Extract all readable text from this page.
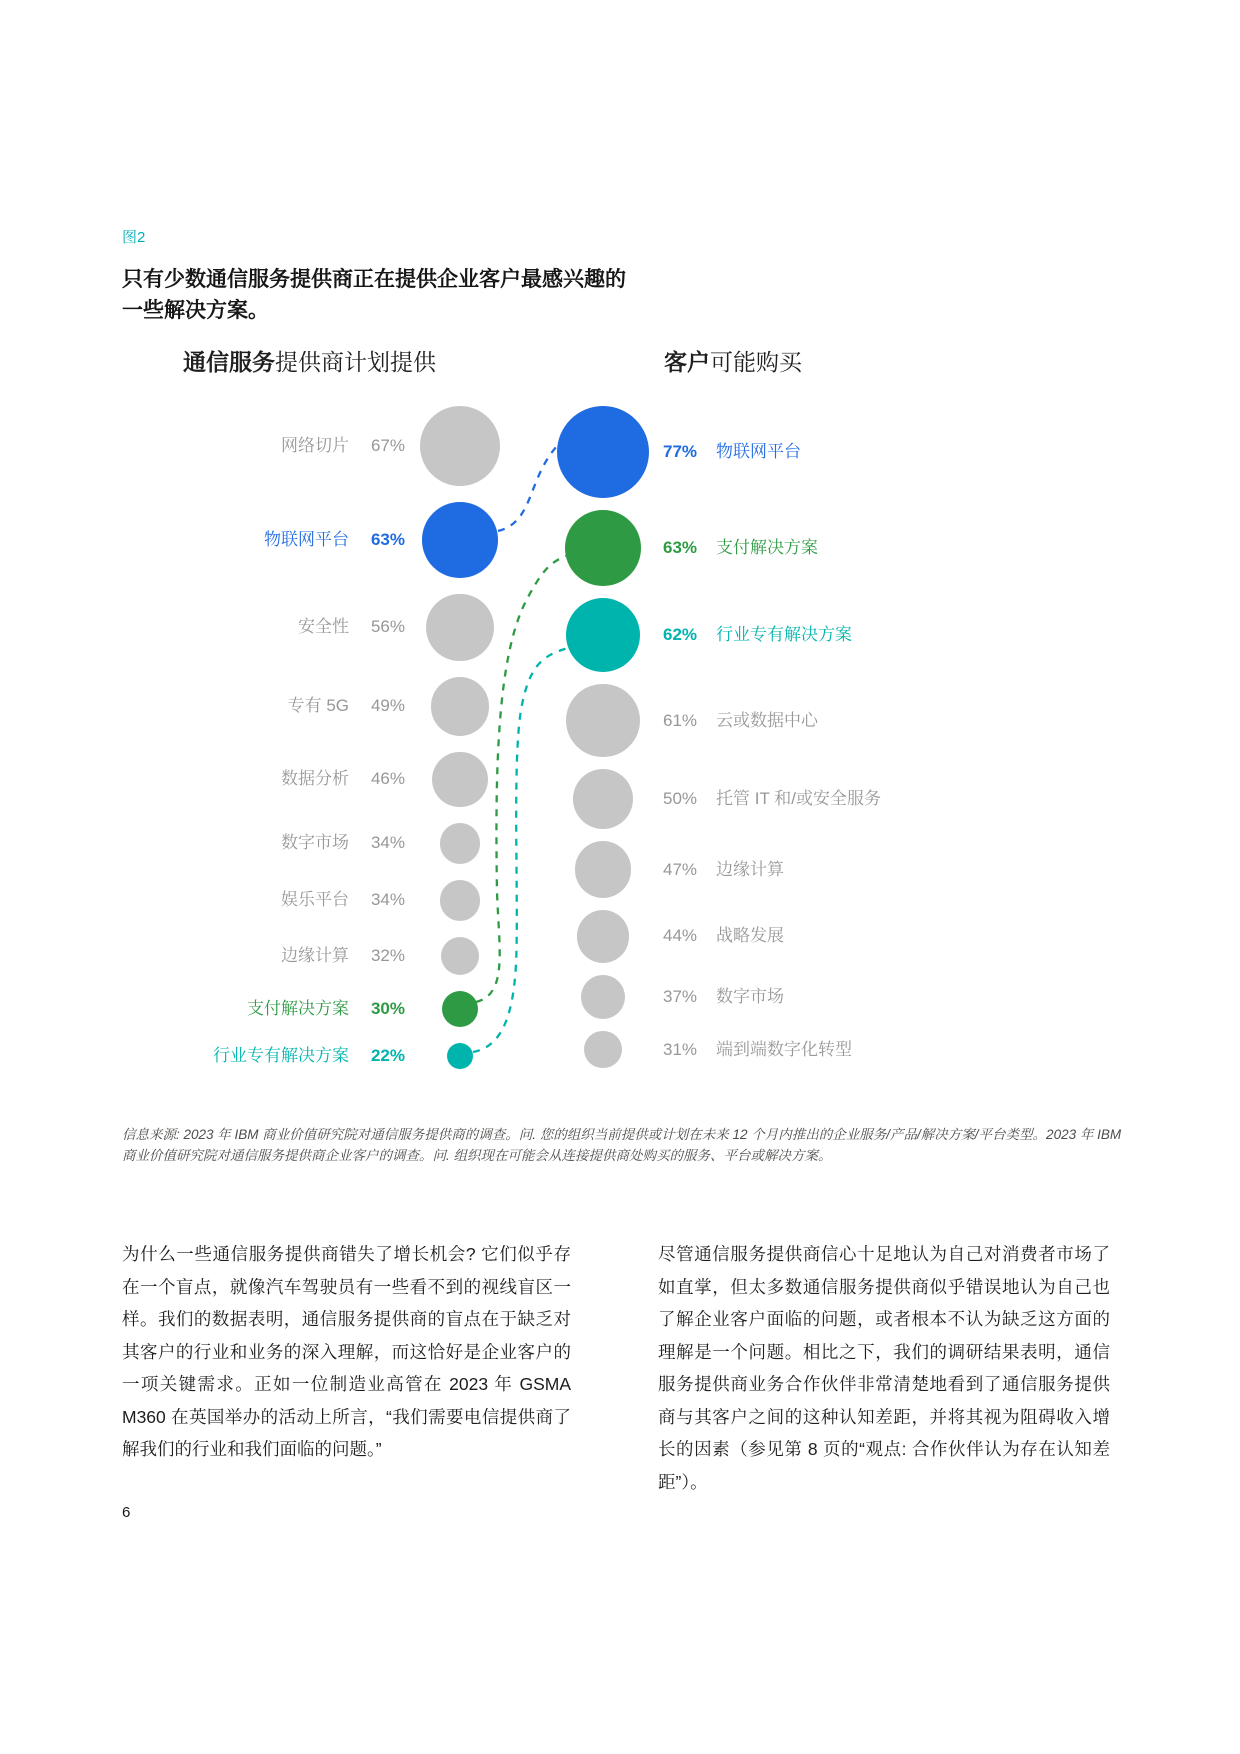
图2
只有少数通信服务提供商正在提供企业客户最感兴趣的
一些解决方案。
通信服务提供商计划提供	客户可能购买
网络切片 67%
物联网平台 63%
安全性 56%
专有 5G 49%
数据分析 46%
数字市场 34%
娱乐平台 34%
边缘计算 32%
支付解决方案 30%
行业专有解决方案 22%
77% 物联网平台
63% 支付解决方案
62% 行业专有解决方案
61% 云或数据中心
50% 托管 IT 和/或安全服务
47% 边缘计算
44% 战略发展
37% 数字市场
31% 端到端数字化转型
信息来源: 2023 年 IBM 商业价值研究院对通信服务提供商的调查。问. 您的组织当前提供或计划在未来 12 个月内推出的企业服务/产品/解决方案/平台类型。2023 年 IBM 商业价值研究院对通信服务提供商企业客户的调查。问. 组织现在可能会从连接提供商处购买的服务、平台或解决方案。
为什么一些通信服务提供商错失了增长机会? 它们似乎存在一个盲点，就像汽车驾驶员有一些看不到的视线盲区一样。我们的数据表明，通信服务提供商的盲点在于缺乏对其客户的行业和业务的深入理解，而这恰好是企业客户的一项关键需求。正如一位制造业高管在 2023 年 GSMA M360 在英国举办的活动上所言，“我们需要电信提供商了解我们的行业和我们面临的问题。”
尽管通信服务提供商信心十足地认为自己对消费者市场了如直掌，但太多数通信服务提供商似乎错误地认为自己也了解企业客户面临的问题，或者根本不认为缺乏这方面的理解是一个问题。相比之下，我们的调研结果表明，通信服务提供商业务合作伙伴非常清楚地看到了通信服务提供商与其客户之间的这种认知差距，并将其视为阻碍收入增长的因素（参见第 8 页的“观点: 合作伙伴认为存在认知差距”）。
6
